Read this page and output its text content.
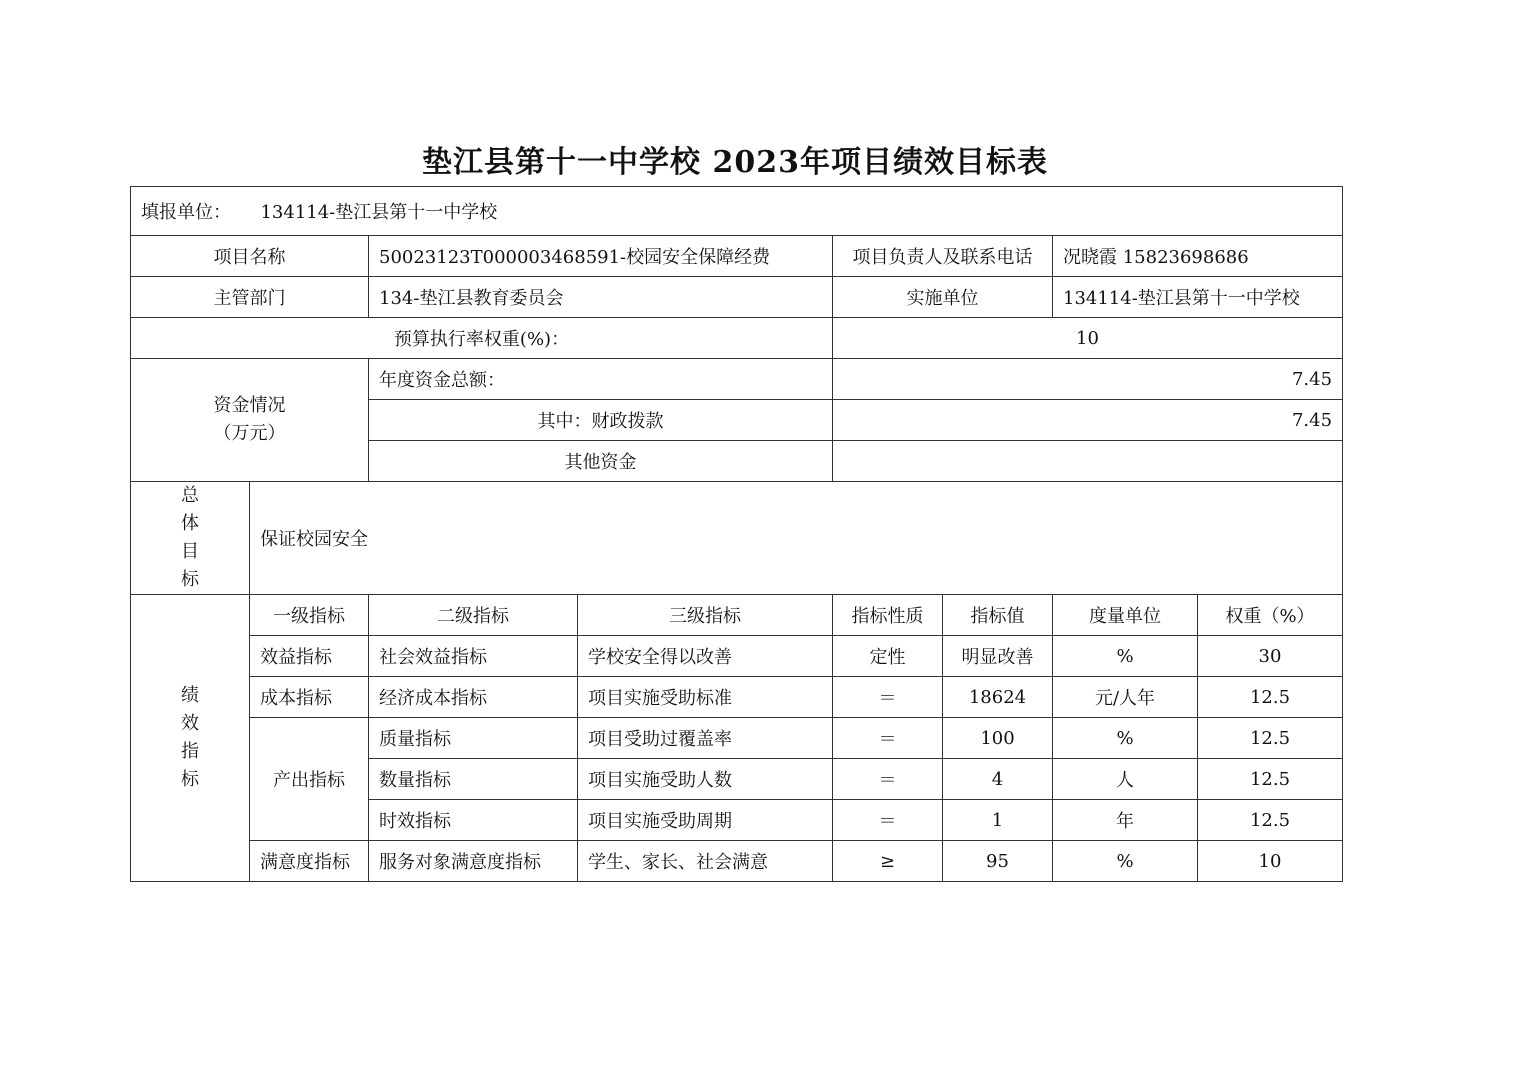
垫江县第十一中学校 2023年项目绩效目标表
填报单位： 134114-垫江县第十一中学校							
项目名称		50023123T000003468591-校园安全保障经费		项目负责人及联系电话		况晓霞 15823698686	
主管部门		134-垫江县教育委员会		实施单位		134114-垫江县第十一中学校	
预算执行率权重(%)：				10			

资金情况
（万元）		年度资金总额：		7.45			
		其中：财政拨款		7.45			
		其他资金					

总
体
目
标	保证校园安全						

绩
效
指
标	一级指标	二级指标	三级指标	指标性质	指标值	度量单位	权重（%）
	效益指标	社会效益指标	学校安全得以改善	定性	明显改善	%	30
	成本指标	经济成本指标	项目实施受助标准	＝	18624	元/人年	12.5
	产出指标	质量指标	项目受助过覆盖率	＝	100	%	12.5
		数量指标	项目实施受助人数	＝	4	人	12.5
		时效指标	项目实施受助周期	＝	1	年	12.5
	满意度指标	服务对象满意度指标	学生、家长、社会满意	≥	95	%	10
